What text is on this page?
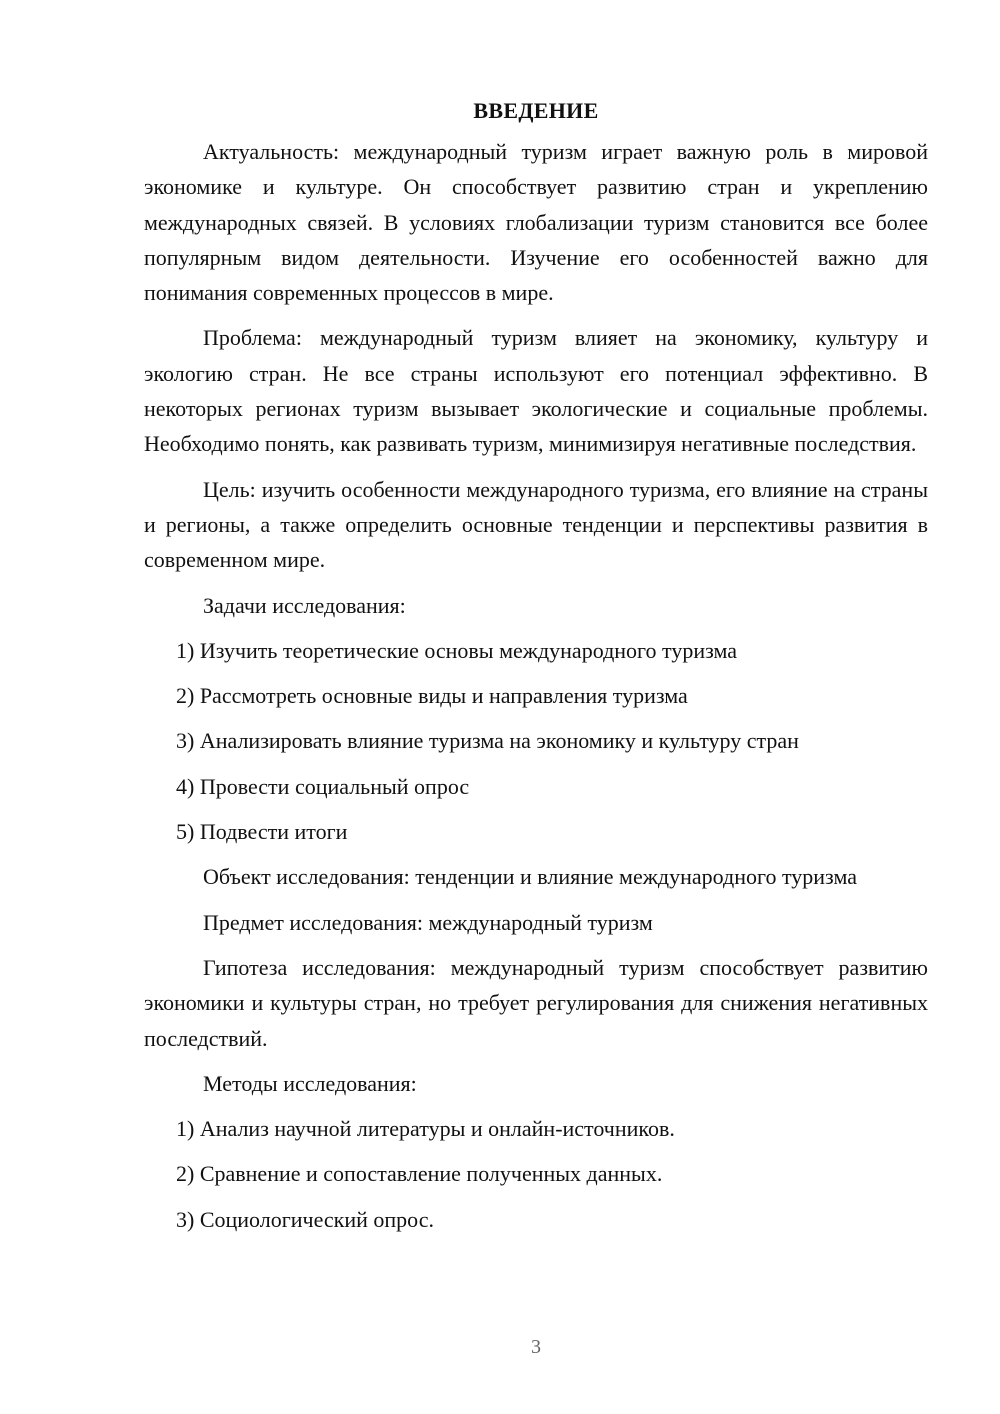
ВВЕДЕНИЕ

Актуальность: международный туризм играет важную роль в мировой экономике и культуре. Он способствует развитию стран и укреплению международных связей. В условиях глобализации туризм становится все более популярным видом деятельности. Изучение его особенностей важно для понимания современных процессов в мире.

Проблема: международный туризм влияет на экономику, культуру и экологию стран. Не все страны используют его потенциал эффективно. В некоторых регионах туризм вызывает экологические и социальные проблемы. Необходимо понять, как развивать туризм, минимизируя негативные последствия.

Цель: изучить особенности международного туризма, его влияние на страны и регионы, а также определить основные тенденции и перспективы развития в современном мире.

Задачи исследования:

1) Изучить теоретические основы международного туризма
2) Рассмотреть основные виды и направления туризма
3) Анализировать влияние туризма на экономику и культуру стран
4) Провести социальный опрос
5) Подвести итоги

Объект исследования: тенденции и влияние международного туризма

Предмет исследования: международный туризм

Гипотеза исследования: международный туризм способствует развитию экономики и культуры стран, но требует регулирования для снижения негативных последствий.

Методы исследования:

1) Анализ научной литературы и онлайн-источников.
2) Сравнение и сопоставление полученных данных.
3) Социологический опрос.
3
